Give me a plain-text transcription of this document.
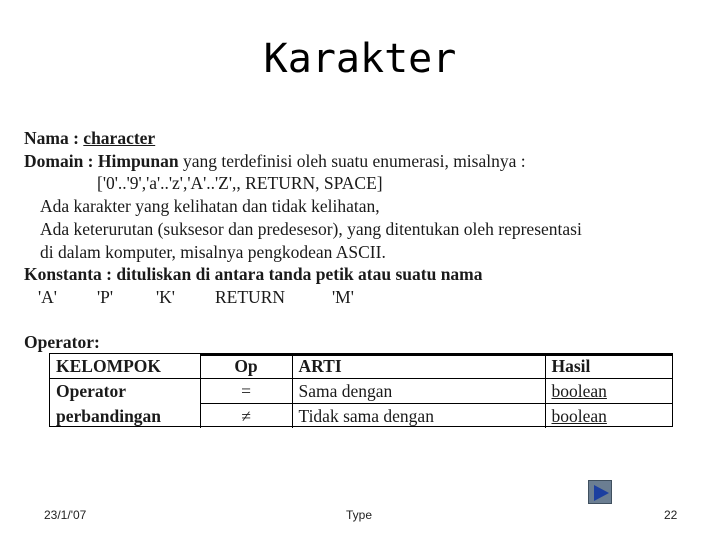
Karakter
Nama : character
Domain : Himpunan yang terdefinisi oleh suatu enumerasi, misalnya :
['0'..'9','a'..'z','A'..'Z',, RETURN, SPACE]
Ada karakter yang kelihatan dan tidak kelihatan,
Ada keterurutan (suksesor dan predesesor), yang ditentukan oleh representasi
di dalam komputer, misalnya pengkodean ASCII.
Konstanta : dituliskan di antara tanda petik atau suatu nama
'A' 'P' 'K' RETURN	'M'
Operator:
KELOMPOK	Op	ARTI	Hasil
Operator	=	Sama dengan	boolean
perbandingan	≠	Tidak sama dengan	boolean
23/1/'07	Type	22
